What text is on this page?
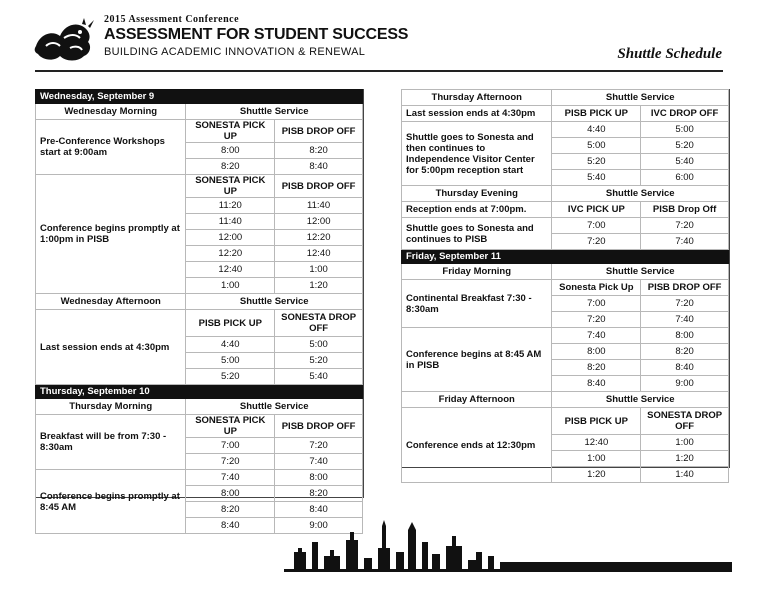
2015 Assessment Conference
ASSESSMENT FOR STUDENT SUCCESS
BUILDING ACADEMIC INNOVATION & RENEWAL	Shuttle Schedule
Wednesday, September 9		
Wednesday Morning	Shuttle Service	
Pre-Conference Workshops start at 9:00am	SONESTA PICK UP	PISB DROP OFF
	8:00	8:20
	8:20	8:40
Conference begins promptly at 1:00pm in PISB	SONESTA PICK UP	PISB DROP OFF
	11:20	11:40
	11:40	12:00
	12:00	12:20
	12:20	12:40
	12:40	1:00
	1:00	1:20
Wednesday Afternoon	Shuttle Service	
Last session ends at 4:30pm	PISB PICK UP	SONESTA DROP OFF
	4:40	5:00
	5:00	5:20
	5:20	5:40
Thursday, September 10		
Thursday Morning	Shuttle Service	
Breakfast will be from 7:30 - 8:30am	SONESTA PICK UP	PISB DROP OFF
	7:00	7:20
	7:20	7:40
Conference begins promptly at 8:45 AM	7:40	8:00
	8:00	8:20
	8:20	8:40
	8:40	9:00
Thursday Afternoon	Shuttle Service	
Last session ends at 4:30pm	PISB PICK UP	IVC DROP OFF
Shuttle goes to Sonesta and then continues to Independence Visitor Center for 5:00pm reception start	4:40	5:00
	5:00	5:20
	5:20	5:40
	5:40	6:00
Thursday Evening	Shuttle Service	
Reception ends at 7:00pm.	IVC PICK UP	PISB Drop Off
Shuttle goes to Sonesta and continues to PISB	7:00	7:20
	7:20	7:40
Friday, September 11		
Friday Morning	Shuttle Service	
Continental Breakfast 7:30 - 8:30am	Sonesta Pick Up	PISB DROP OFF
	7:00	7:20
	7:20	7:40
Conference begins at 8:45 AM in PISB	7:40	8:00
	8:00	8:20
	8:20	8:40
	8:40	9:00
Friday Afternoon	Shuttle Service	
Conference ends at 12:30pm	PISB PICK UP	SONESTA DROP OFF
	12:40	1:00
	1:00	1:20
	1:20	1:40
